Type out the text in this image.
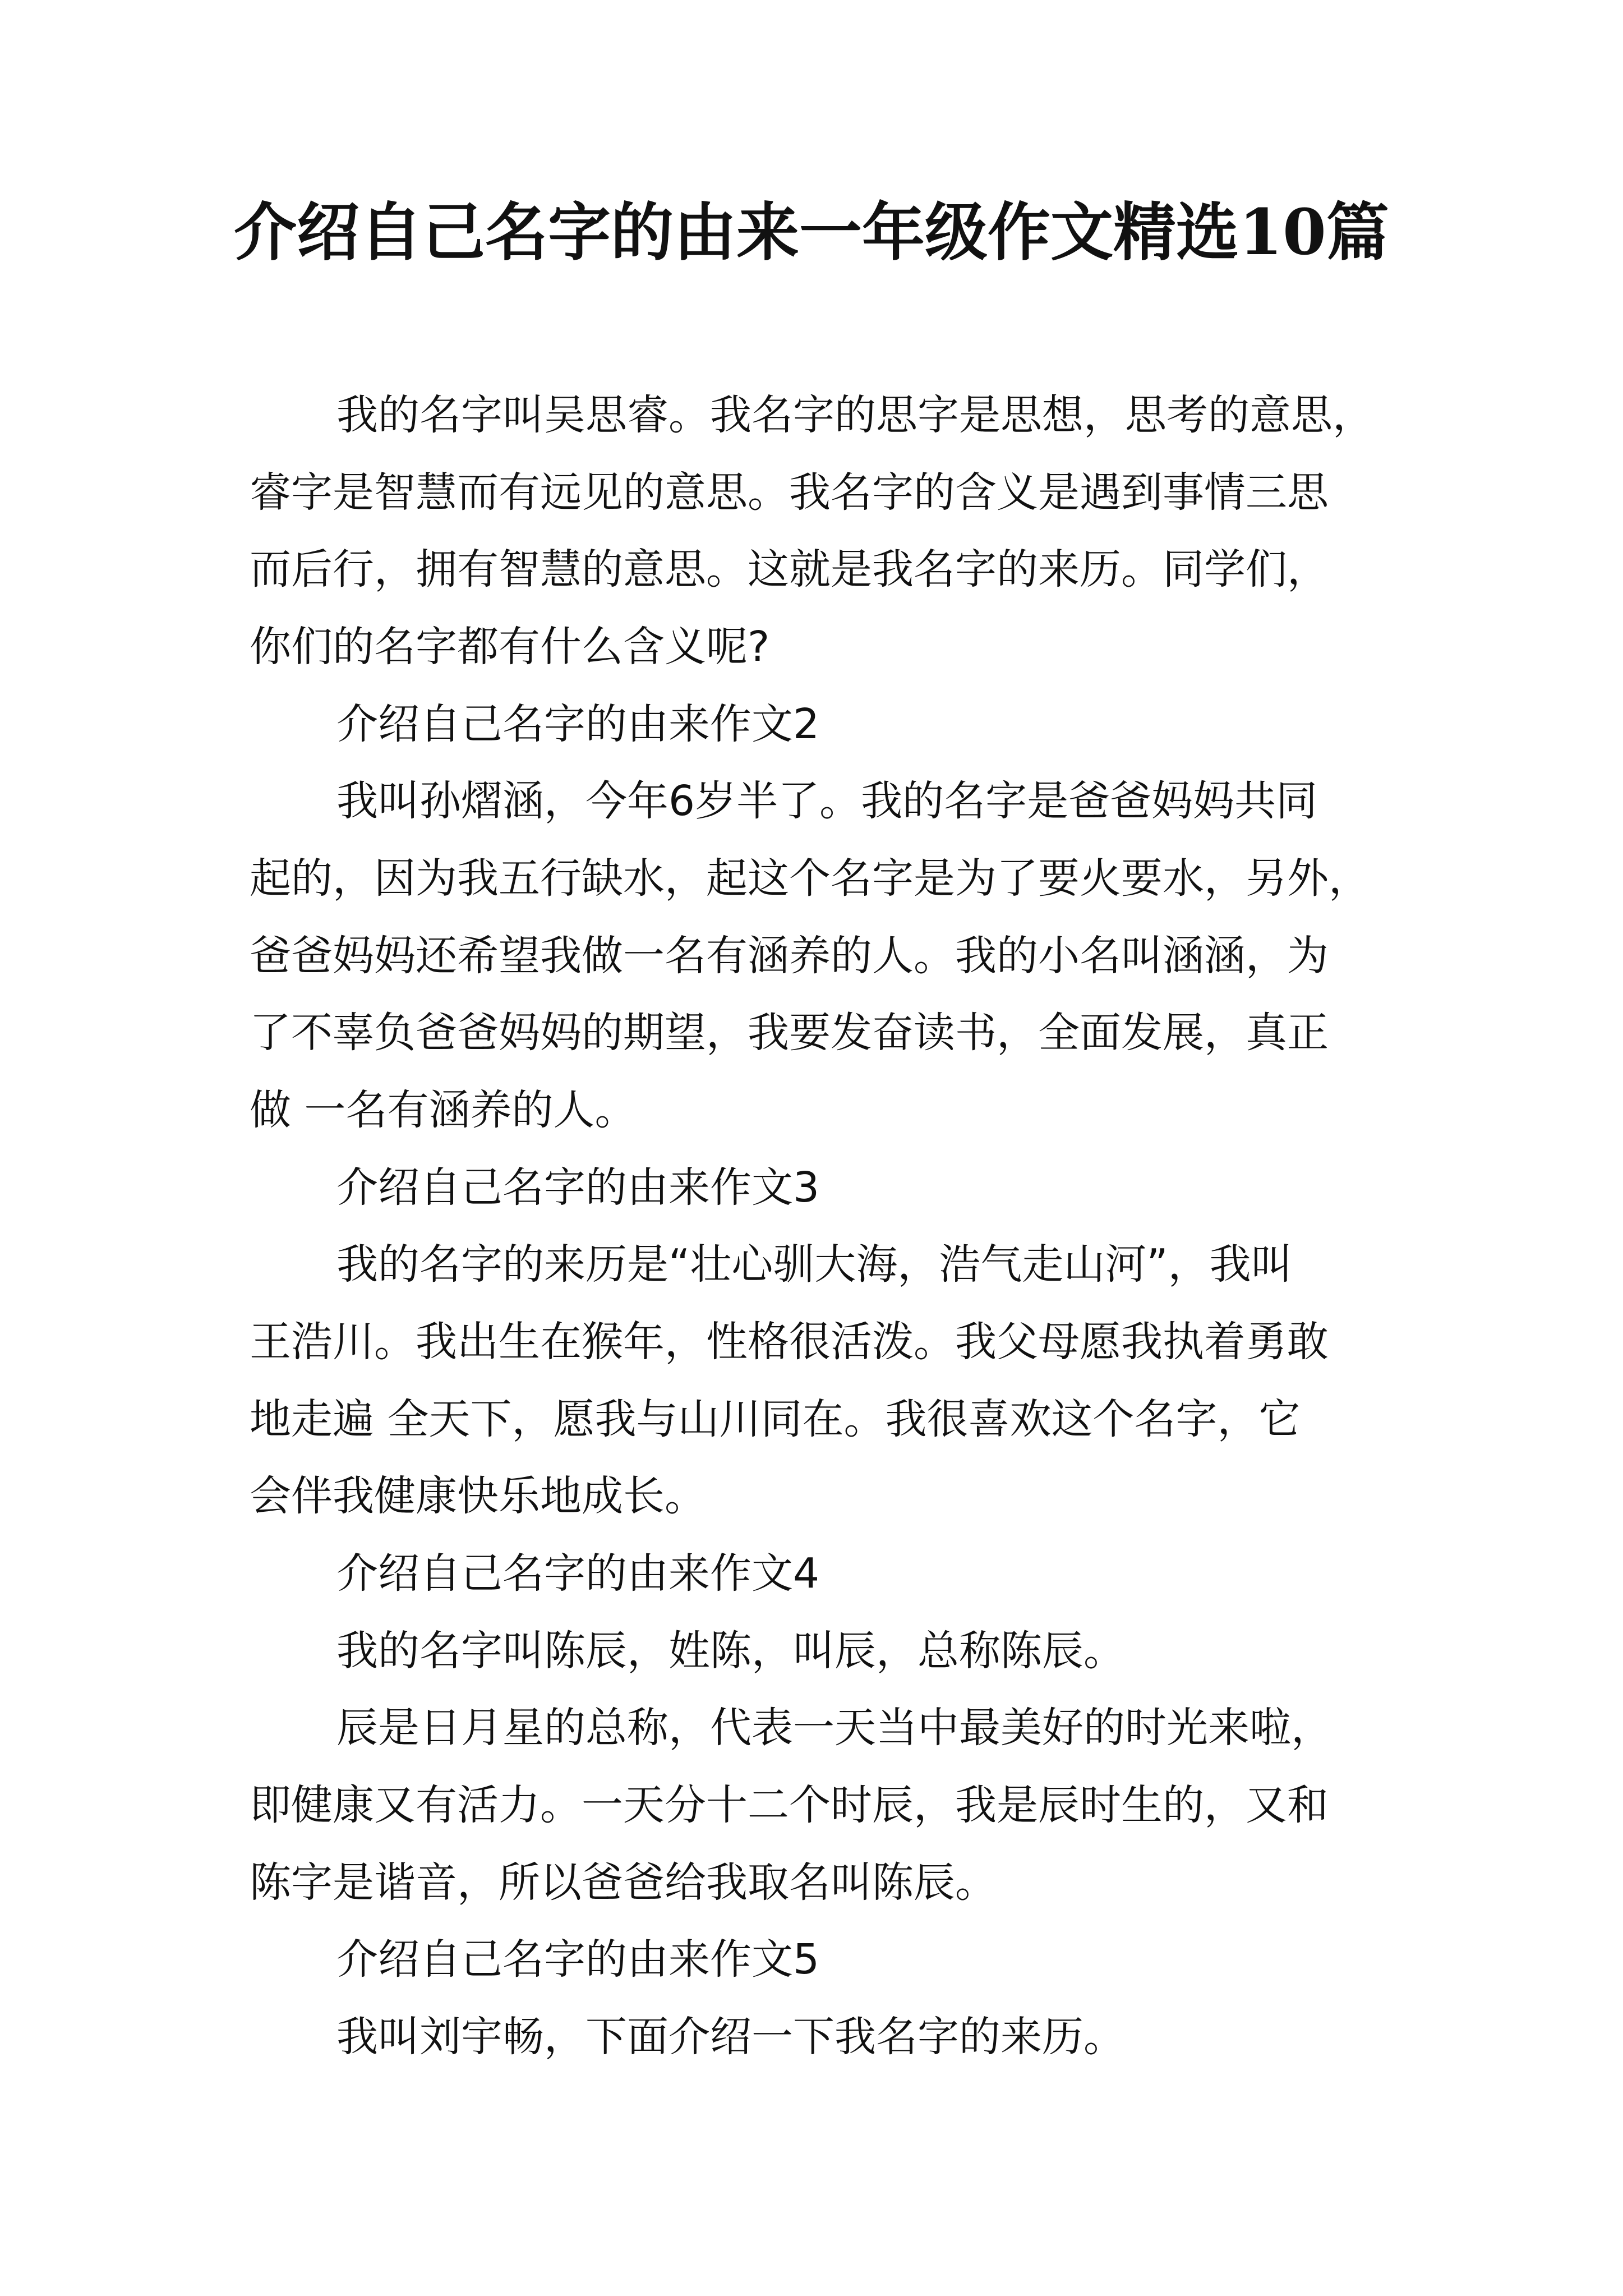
介绍自己名字的由来一年级作文精选10篇
我的名字叫吴思睿。我名字的思字是思想，思考的意思，
睿字是智慧而有远见的意思。我名字的含义是遇到事情三思
而后行，拥有智慧的意思。这就是我名字的来历。同学们，
你们的名字都有什么含义呢?
介绍自己名字的由来作文2
我叫孙熠涵，今年6岁半了。我的名字是爸爸妈妈共同
起的，因为我五行缺水，起这个名字是为了要火要水，另外，
爸爸妈妈还希望我做一名有涵养的人。我的小名叫涵涵，为
了不辜负爸爸妈妈的期望，我要发奋读书，全面发展，真正
做 一名有涵养的人。
介绍自己名字的由来作文3
我的名字的来历是“壮心驯大海，浩气走山河”，我叫
王浩川。我出生在猴年，性格很活泼。我父母愿我执着勇敢
地走遍 全天下，愿我与山川同在。我很喜欢这个名字，它
会伴我健康快乐地成长。
介绍自己名字的由来作文4
我的名字叫陈辰，姓陈，叫辰，总称陈辰。
辰是日月星的总称，代表一天当中最美好的时光来啦，
即健康又有活力。一天分十二个时辰，我是辰时生的，又和
陈字是谐音，所以爸爸给我取名叫陈辰。
介绍自己名字的由来作文5
我叫刘宇畅，下面介绍一下我名字的来历。
